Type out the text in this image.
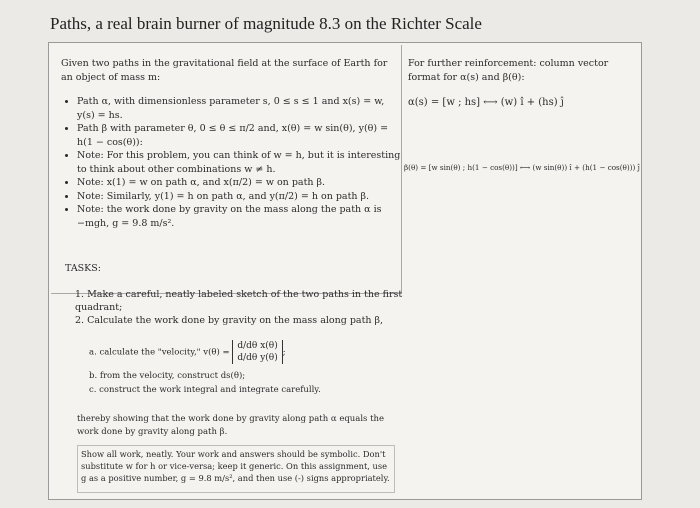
Paths, a real brain burner of magnitude 8.3 on the Richter Scale
Given two paths in the gravitational field at the surface of Earth for an object of mass m:
• Path α, with dimensionless parameter s, 0 ≤ s ≤ 1 and x(s) = w, y(s) = hs.
• Path β with parameter θ, 0 ≤ θ ≤ π/2 and, x(θ) = w sin(θ), y(θ) = h(1 − cos(θ)):
• Note: For this problem, you can think of w = h, but it is interesting to think about other combinations w ≠ h.
• Note: x(1) = w on path α, and x(π/2) = w on path β.
• Note: Similarly, y(1) = h on path α, and y(π/2) = h on path β.
• Note: the work done by gravity on the mass along the path α is −mgh, g = 9.8 m/s².
For further reinforcement: column vector format for α(s) and β(θ):
α(s) = [w ; hs] ⟷ (w) î + (hs) ĵ
β(θ) = [w sin(θ) ; h(1 − cos(θ))] ⟷ (w sin(θ)) î + (h(1 − cos(θ))) ĵ
TASKS:
1. Make a careful, neatly labeled sketch of the two paths in the first quadrant;
2. Calculate the work done by gravity on the mass along path β,
a. calculate the "velocity," v(θ) = d/dθ x(θ)
d/dθ y(θ);
b. from the velocity, construct ds(θ);
c. construct the work integral and integrate carefully.
thereby showing that the work done by gravity along path α equals the work done by gravity along path β.
Show all work, neatly. Your work and answers should be symbolic. Don't substitute w for h or vice-versa; keep it generic. On this assignment, use g as a positive number, g = 9.8 m/s², and then use (-) signs appropriately.
